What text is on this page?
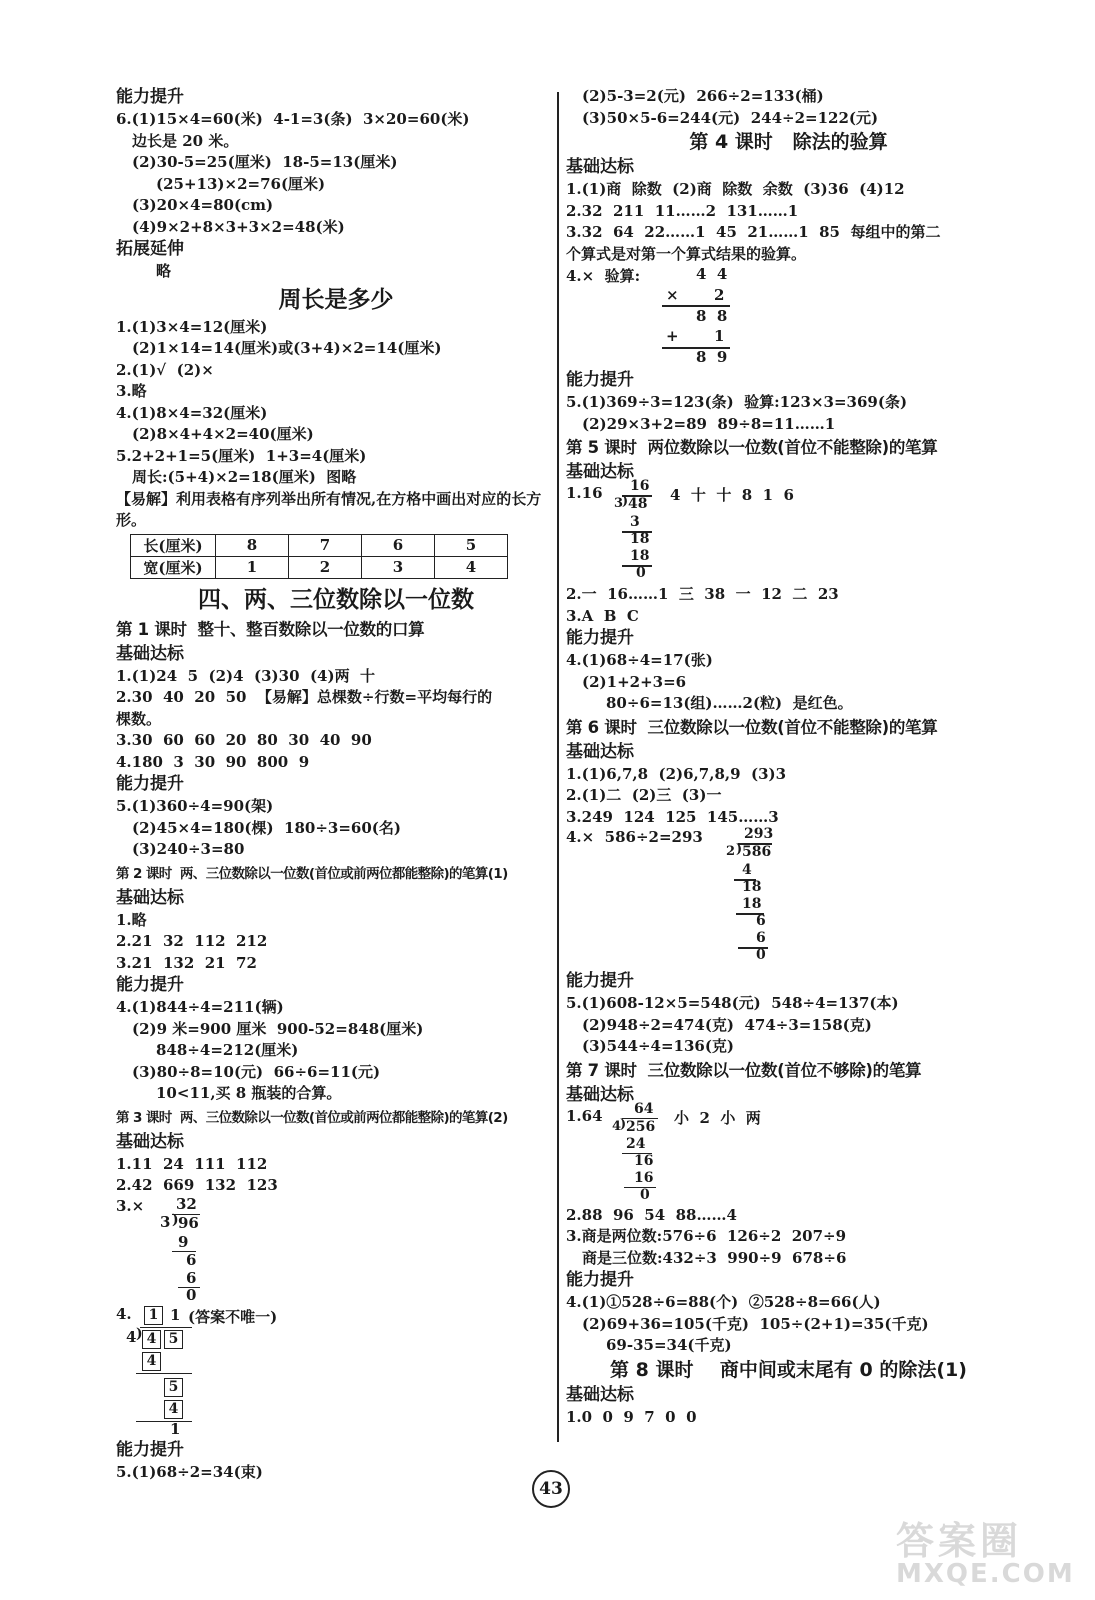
能力提升
6.(1)15×4=60(米)  4-1=3(条)  3×20=60(米)
边长是 20 米。
(2)30-5=25(厘米)  18-5=13(厘米)
(25+13)×2=76(厘米)
(3)20×4=80(cm)
(4)9×2+8×3+3×2=48(米)
拓展延伸
略
周长是多少
1.(1)3×4=12(厘米)
(2)1×14=14(厘米)或(3+4)×2=14(厘米)
2.(1)√  (2)×
3.略
4.(1)8×4=32(厘米)
(2)8×4+4×2=40(厘米)
5.2+2+1=5(厘米)  1+3=4(厘米)
周长:(5+4)×2=18(厘米)  图略
【易解】利用表格有序列举出所有情况,在方格中画出对应的长方形。
长(厘米)	8	7	6	5
宽(厘米)	1	2	3	4
四、两、三位数除以一位数
第 1 课时  整十、整百数除以一位数的口算
基础达标
1.(1)24  5  (2)4  (3)30  (4)两  十
2.30  40  20  50  【易解】总棵数÷行数=平均每行的
棵数。
3.30  60  60  20  80  30  40  90
4.180  3  30  90  800  9
能力提升
5.(1)360÷4=90(架)
(2)45×4=180(棵)  180÷3=60(名)
(3)240÷3=80
第 2 课时  两、三位数除以一位数(首位或前两位都能整除)的笔算(1)
基础达标
1.略
2.21  32  112  212
3.21  132  21  72
能力提升
4.(1)844÷4=211(辆)
(2)9 米=900 厘米  900-52=848(厘米)
848÷4=212(厘米)
(3)80÷8=10(元)  66÷6=11(元)
10<11,买 8 瓶装的合算。
第 3 课时  两、三位数除以一位数(首位或前两位都能整除)的笔算(2)
基础达标
1.11  24  111  112
2.42  669  132  123
3.× 32
3 ) 96
9
6
6
0
4.	1 1 (答案不唯一)
4 ) 4 5
4
5
4
1
能力提升
5.(1)68÷2=34(束)
(2)5-3=2(元)  266÷2=133(桶)
(3)50×5-6=244(元)  244÷2=122(元)
第 4 课时   除法的验算
基础达标
1.(1)商  除数  (2)商  除数  余数  (3)36  (4)12
2.32  211  11……2  131……1
3.32  64  22……1  45  21……1  85  每组中的第二
个算式是对第一个算式结果的验算。
4.×  验算:	4  4
× 2
8  8
+ 1
8  9
能力提升
5.(1)369÷3=123(条)  验算:123×3=369(条)
(2)29×3+2=89  89÷8=11……1
第 5 课时  两位数除以一位数(首位不能整除)的笔算
基础达标
1.16	4  十  十  8  1  6
16
3
) 48
3
18
18
0
2.一  16……1  三  38  一  12  二  23
3.A  B  C
能力提升
4.(1)68÷4=17(张)
(2)1+2+3=6
80÷6=13(组)……2(粒)  是红色。
第 6 课时  三位数除以一位数(首位不能整除)的笔算
基础达标
1.(1)6,7,8  (2)6,7,8,9  (3)3
2.(1)二  (2)三  (3)一
3.249  124  125  145……3
4.×  586÷2=293	293
2 ) 586
4
18
18
6
6
0
能力提升
5.(1)608-12×5=548(元)  548÷4=137(本)
(2)948÷2=474(克)  474÷3=158(克)
(3)544÷4=136(克)
第 7 课时  三位数除以一位数(首位不够除)的笔算
基础达标
1.64	小  2  小  两
64
4
) 256
24
16
16
0
2.88  96  54  88……4
3.商是两位数:576÷6  126÷2  207÷9
商是三位数:432÷3  990÷9  678÷6
能力提升
4.(1)①528÷6=88(个)  ②528÷8=66(人)
(2)69+36=105(千克)  105÷(2+1)=35(千克)
69-35=34(千克)
第 8 课时    商中间或末尾有 0 的除法(1)
基础达标
1.0  0  9  7  0  0
43
答案圈
MXQE.COM
